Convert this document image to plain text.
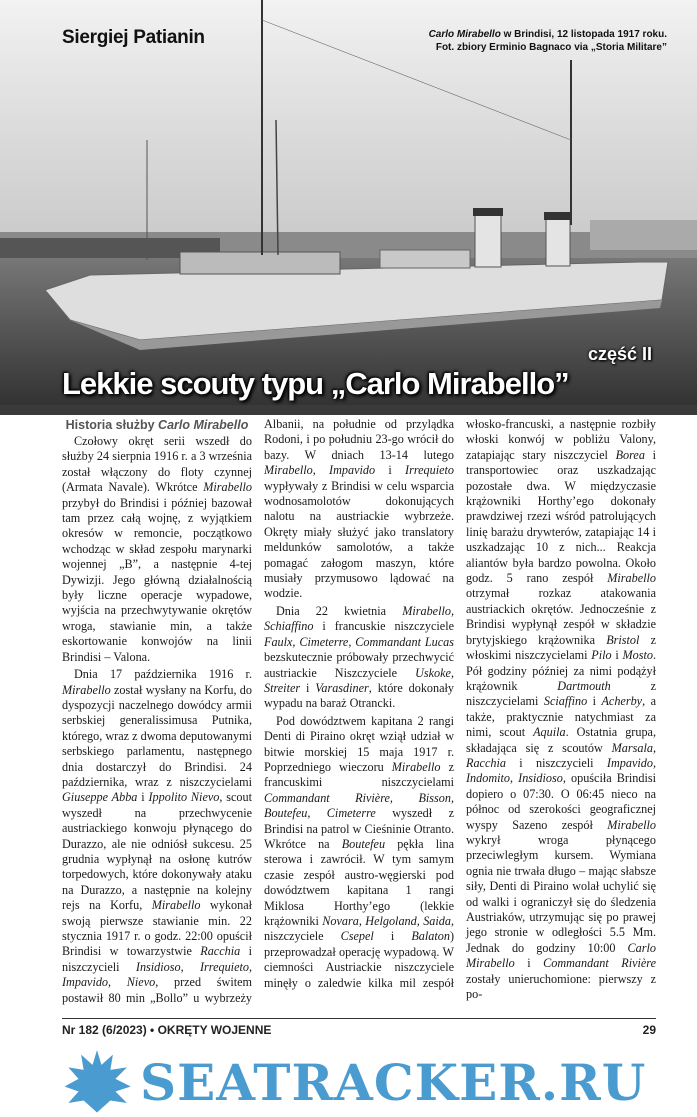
Siergiej Patianin	Carlo Mirabello w Brindisi, 12 listopada 1917 roku.
Fot. zbiory Erminio Bagnaco via „Storia Militare”
część II
Lekkie scouty typu „Carlo Mirabello”
Historia służby Carlo Mirabello

Czołowy okręt serii wszedł do służby 24 sierpnia 1916 r. a 3 września został włączony do floty czynnej (Armata Navale). Wkrótce Mirabello przybył do Brindisi i później bazował tam przez całą wojnę, z wyjątkiem okresów w remoncie, początkowo wchodząc w skład zespołu marynarki wojennej „B”, a następnie 4-tej Dywizji. Jego główną działalnością były liczne operacje wypadowe, wyjścia na przechwytywanie okrętów wroga, stawianie min, a także eskortowanie konwojów na linii Brindisi – Valona.

Dnia 17 października 1916 r. Mirabello został wysłany na Korfu, do dyspozycji naczelnego dowódcy armii serbskiej generalissimusa Putnika, którego, wraz z dwoma deputowanymi serbskiego parlamentu, następnego dnia dostarczył do Brindisi. 24 października, wraz z niszczycielami Giuseppe Abba i Ippolito Nievo, scout wyszedł na przechwycenie austriackiego konwoju płynącego do Durazzo, ale nie odniósł sukcesu. 25 grudnia wypłynął na osłonę kutrów torpedowych, które dokonywały ataku na Durazzo, a następnie na kolejny rejs na Korfu, Mirabello wykonał swoją pierwsze stawianie min. 22 stycznia 1917 r. o godz. 22:00 opuścił Brindisi w towarzystwie Racchia i niszczycieli Insidioso, Irrequieto, Impavido, Nievo, przed świtem postawił 80 min „Bollo” u wybrzeży Albanii, na południe od przylądka Rodoni, i po południu 23-go wrócił do bazy. W dniach 13-14 lutego Mirabello, Impavido i Irrequieto wypływały z Brindisi w celu wsparcia wodnosamolotów dokonujących nalotu na austriackie wybrzeże. Okręty miały służyć jako translatory meldunków samolotów, a także pomagać załogom maszyn, które musiały przymusowo lądować na wodzie.

Dnia 22 kwietnia Mirabello, Schiaffino i francuskie niszczyciele Faulx, Cimeterre, Commandant Lucas bezskutecznie próbowały przechwycić austriackie Niszczyciele Uskoke, Streiter i Varasdiner, które dokonały wypadu na baraż Otrancki.

Pod dowództwem kapitana 2 rangi Denti di Piraino okręt wziął udział w bitwie morskiej 15 maja 1917 r. Poprzedniego wieczoru Mirabello z francuskimi niszczycielami Commandant Rivière, Bisson, Boutefeu, Cimeterre wyszedł z Brindisi na patrol w Cieśninie Otranto. Wkrótce na Boutefeu pękła lina sterowa i zawrócił. W tym samym czasie zespół austro-węgierski pod dowództwem kapitana 1 rangi Miklosa Horthy’ego (lekkie krążowniki Novara, Helgoland, Saida, niszczyciele Csepel i Balaton) przeprowadzał operację wypadową. W ciemności Austriackie niszczyciele minęły o zaledwie kilka mil zespół włosko-francuski, a następnie rozbiły włoski konwój w pobliżu Valony, zatapiając stary niszczyciel Borea i transportowiec oraz uszkadzając pozostałe dwa. W międzyczasie krążowniki Horthy’ego dokonały prawdziwej rzezi wśród patrolujących linię barażu drywterów, zatapiając 14 i uszkadzając 10 z nich... Reakcja aliantów była bardzo powolna. Około godz. 5 rano zespół Mirabello otrzymał rozkaz atakowania austriackich okrętów. Jednocześnie z Brindisi wypłynął zespół w składzie brytyjskiego krążownika Bristol z włoskimi niszczycielami Pilo i Mosto. Pół godziny później za nimi podążył krążownik Dartmouth z niszczycielami Sciaffino i Acherby, a także, praktycznie natychmiast za nimi, scout Aquila. Ostatnia grupa, składająca się z scoutów Marsala, Racchia i niszczycieli Impavido, Indomito, Insidioso, opuściła Brindisi dopiero o 07:30. O 06:45 nieco na północ od szerokości geograficznej wyspy Sazeno zespół Mirabello wykrył wroga płynącego przeciwległym kursem. Wymiana ognia nie trwała długo – mając słabsze siły, Denti di Piraino wolał uchylić się od walki i ograniczył się do śledzenia Austriaków, utrzymując się po prawej jego stronie w odległości 5.5 Mm. Jednak do godziny 10:00 Carlo Mirabello i Commandant Rivière zostały unieruchomione: pierwszy z po-

Nr 182 (6/2023) • OKRĘTY WOJENNE	29
SEATRACKER.RU
